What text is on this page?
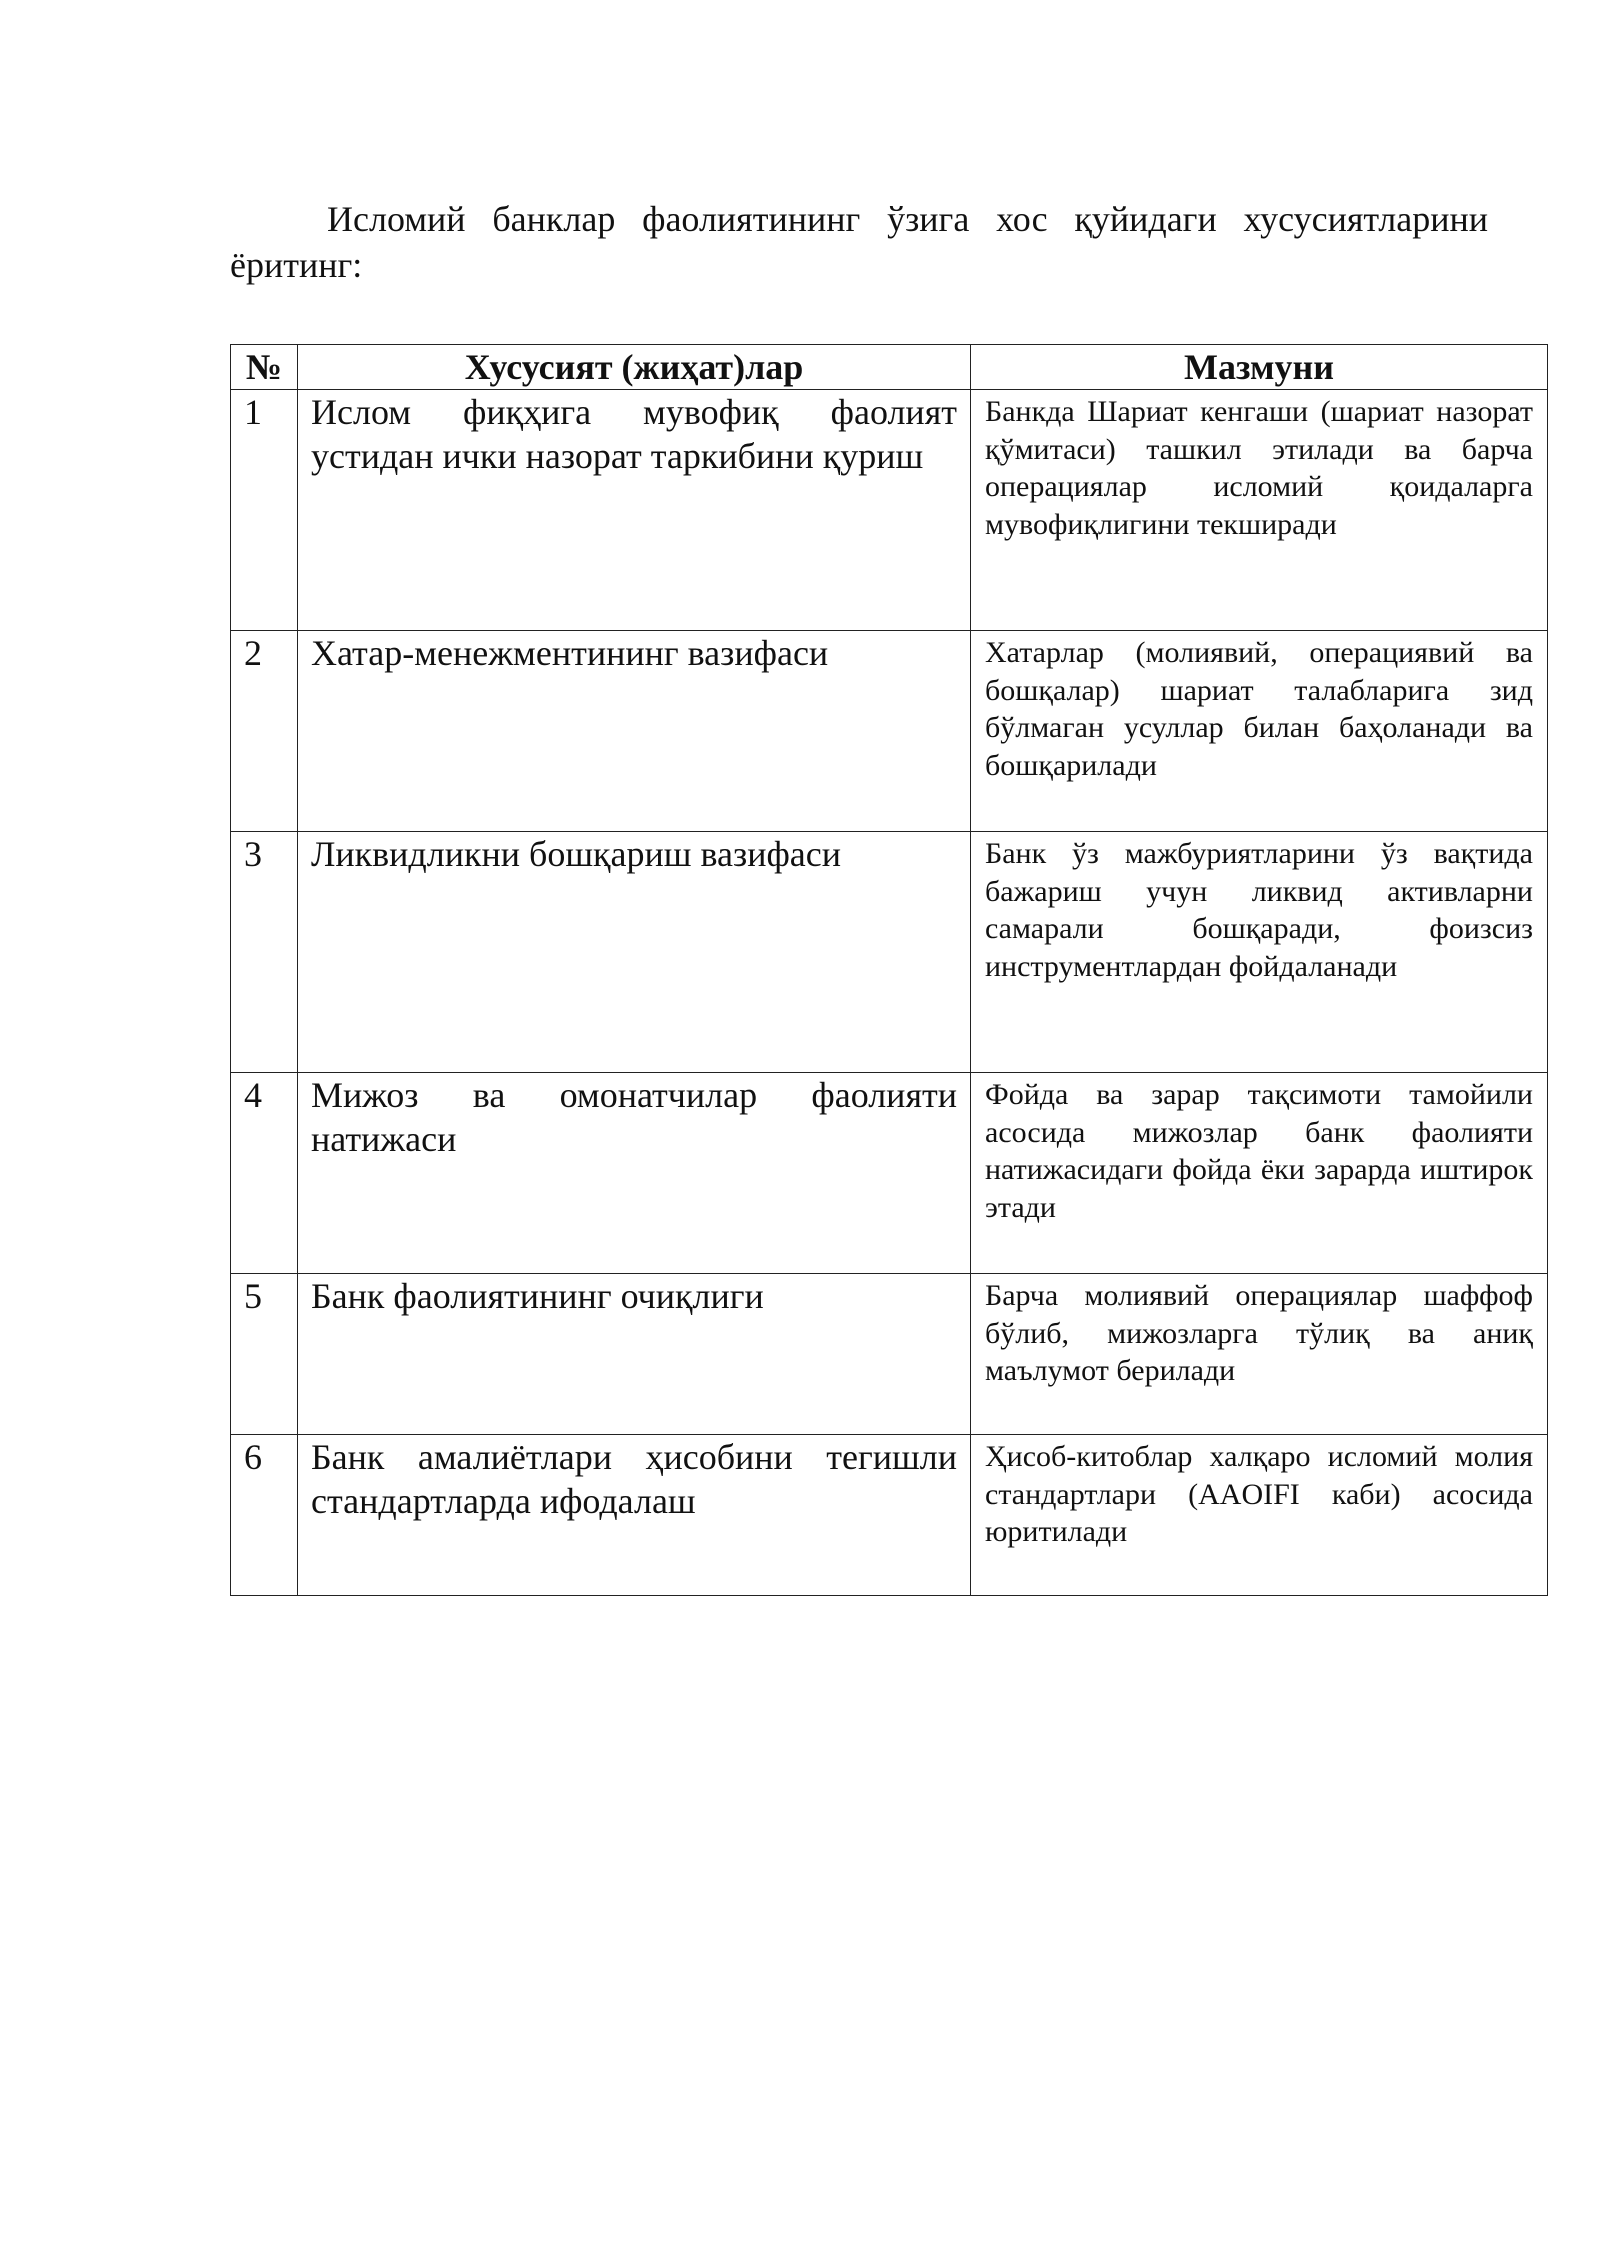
Исломий банклар фаолиятининг ўзига хос қуйидаги хусусиятларини ёритинг:

№	Хусусият (жиҳат)лар	Мазмуни
1	Ислом фиқҳига мувофиқ фаолият устидан ички назорат таркибини қуриш	Банкда Шариат кенгаши (шариат назорат қўмитаси) ташкил этилади ва барча операциялар исломий қоидаларга мувофиқлигини текширади
2	Хатар-менежментининг вазифаси	Хатарлар (молиявий, операциявий ва бошқалар) шариат талабларига зид бўлмаган усуллар билан баҳоланади ва бошқарилади
3	Ликвидликни бошқариш вазифаси	Банк ўз мажбуриятларини ўз вақтида бажариш учун ликвид активларни самарали бошқаради, фоизсиз инструментлардан фойдаланади
4	Мижоз ва омонатчилар фаолияти натижаси	Фойда ва зарар тақсимоти тамойили асосида мижозлар банк фаолияти натижасидаги фойда ёки зарарда иштирок этади
5	Банк фаолиятининг очиқлиги	Барча молиявий операциялар шаффоф бўлиб, мижозларга тўлиқ ва аниқ маълумот берилади
6	Банк амалиётлари ҳисобини тегишли стандартларда ифодалаш	Ҳисоб-китоблар халқаро исломий молия стандартлари (AAOIFI каби) асосида юритилади
